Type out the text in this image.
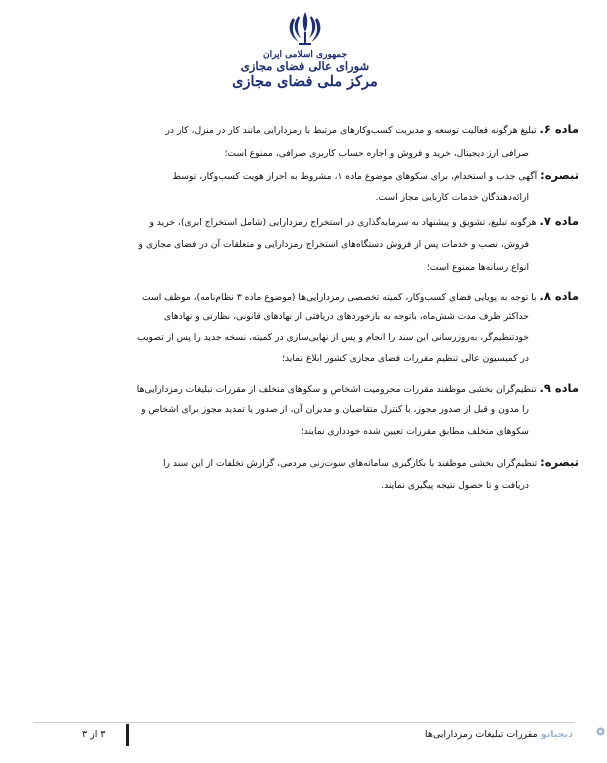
جمهوری اسلامی ایران
شورای عالی فضای مجازی
مرکز ملی فضای مجازی
ماده ۶. تبلیغ هرگونه فعالیت توسعه و مدیریت کسب‌وکارهای مرتبط با رمزدارایی مانند کار در منزل، کار در
صرافی ارز دیجیتال، خرید و فروش و اجاره حساب کاربری صرافی، ممنوع است؛
تبصره: آگهی جذب و استخدام، برای سکوهای موضوع ماده ۱، مشروط به احراز هویت کسب‌وکار، توسط
ارائه‌دهندگان خدمات کاربایی مجاز است.
ماده ۷. هرگونه تبلیغ، تشویق و پیشنهاد به سرمایه‌گذاری در استخراج رمزدارایی (شامل استخراج ابری)، خرید و
فروش، نصب و خدمات پس از فروش دستگاه‌های استخراج رمزدارایی و متعلقات آن در فضای مجازی و
انواع رسانه‌ها ممنوع است؛
ماده ۸. با توجه به پویایی فضای کسب‌وکار، کمیته تخصصی رمزدارایی‌ها (موضوع ماده ۳ نظام‌نامه)، موظف است
حداکثر ظرف مدت شش‌ماه، باتوجه به بازخوردهای دریافتی از نهادهای قانونی، نظارتی و نهادهای
خودتنظیم‌گر، به‌روزرسانی این سند را انجام و پس از نهایی‌سازی در کمیته، نسخه جدید را پس از تصویب
در کمیسیون عالی تنظیم مقررات فضای مجازی کشور ابلاغ نماید؛
ماده ۹. تنظیم‌گران بخشی موظفند مقررات محرومیت اشخاص و سکوهای متخلف از مقررات تبلیغات رمزدارایی‌ها
را مدون و قبل از صدور مجوز، با کنترل متقاضیان و مدیران آن، از صدور یا تمدید مجوز برای اشخاص و
سکوهای متخلف مطابق مقررات تعیین شده خودداری نمایند؛
تبصره: تنظیم‌گران بخشی موظفند با بکارگیری سامانه‌های سوت‌زنی مردمی، گزارش تخلفات از این سند را
دریافت و تا حصول نتیجه پیگیری نمایند.
دیجیاتو مقررات تبلیغات رمزدارایی‌ها
۳ از ۳
